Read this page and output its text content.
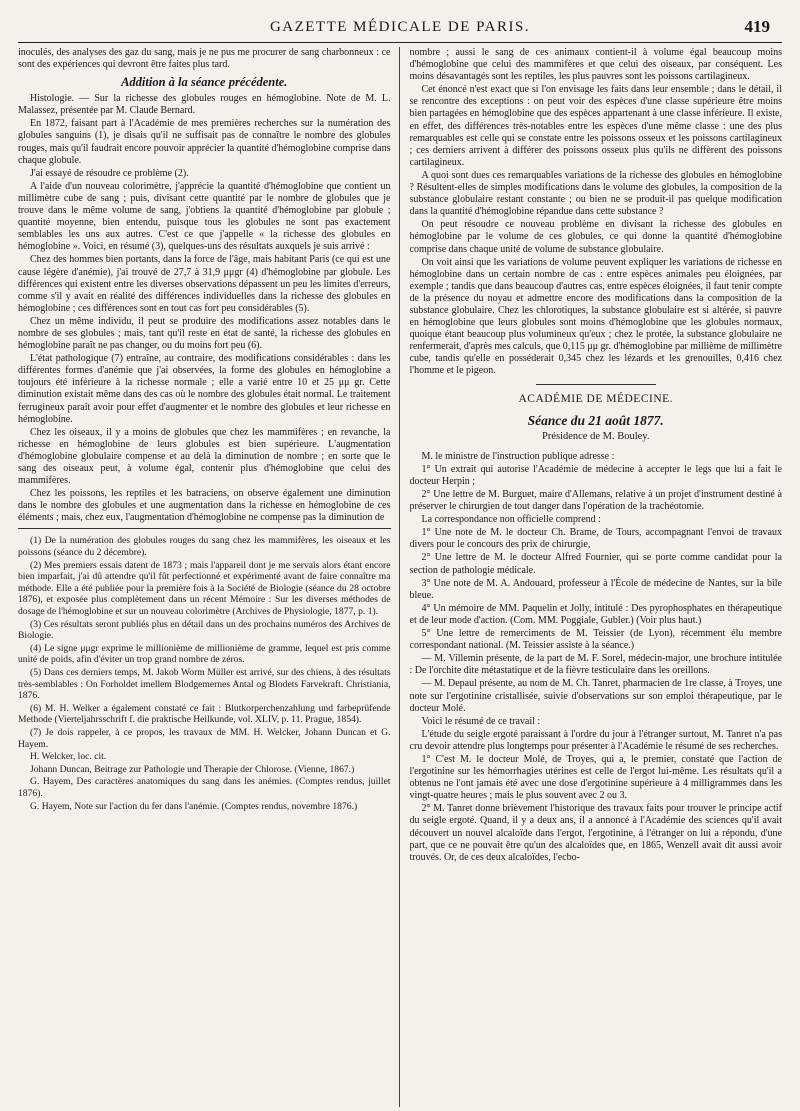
GAZETTE MÉDICALE DE PARIS.	419

inoculés, des analyses des gaz du sang, mais je ne pus me procurer de sang charbonneux : ce sont des expériences qui devront être faites plus tard.

Addition à la séance précédente.

Histologie. — Sur la richesse des globules rouges en hémoglobine. Note de M. L. Malassez, présentée par M. Claude Bernard.

En 1872, faisant part à l'Académie de mes premières recherches sur la numération des globules sanguins (1), je disais qu'il ne suffisait pas de connaître le nombre des globules rouges, mais qu'il faudrait encore pouvoir apprécier la quantité d'hémoglobine comprise dans chaque globule.

J'ai essayé de résoudre ce problème (2).

A l'aide d'un nouveau colorimètre, j'apprécie la quantité d'hémoglobine que contient un millimètre cube de sang ; puis, divisant cette quantité par le nombre de globules que je trouve dans le même volume de sang, j'obtiens la quantité d'hémoglobine par globule ; quantité moyenne, bien entendu, puisque tous les globules ne sont pas exactement semblables les uns aux autres. C'est ce que j'appelle « la richesse des globules en hémoglobine ». Voici, en résumé (3), quelques-uns des résultats auxquels je suis arrivé :

Chez des hommes bien portants, dans la force de l'âge, mais habitant Paris (ce qui est une cause légère d'anémie), j'ai trouvé de 27,7 à 31,9 μμgr (4) d'hémoglobine par globule. Les différences qui existent entre les diverses observations dépassent un peu les limites d'erreurs, comme s'il y avait en réalité des différences individuelles dans la richesse des globules en hémoglobine ; ces différences sont en tout cas fort peu considérables (5).

Chez un même individu, il peut se produire des modifications assez notables dans le nombre de ses globules ; mais, tant qu'il reste en état de santé, la richesse des globules en hémoglobine paraît ne pas changer, ou du moins fort peu (6).

L'état pathologique (7) entraîne, au contraire, des modifications considérables : dans les différentes formes d'anémie que j'ai observées, la forme des globules en hémoglobine a toujours été inférieure à la richesse normale ; elle a varié entre 10 et 25 μμ gr. Cette diminution existait même dans des cas où le nombre des globules était normal. Le traitement ferrugineux paraît avoir pour effet d'augmenter et le nombre des globules et leur richesse en hémoglobine.

Chez les oiseaux, il y a moins de globules que chez les mammifères ; en revanche, la richesse en hémoglobine de leurs globules est bien supérieure. L'augmentation d'hémoglobine globulaire compense et au delà la diminution de nombre ; en sorte que le sang des oiseaux peut, à volume égal, contenir plus d'hémoglobine que celui des mammifères.

Chez les poissons, les reptiles et les batraciens, on observe également une diminution dans le nombre des globules et une augmentation dans la richesse en hémoglobine de ces éléments ; mais, chez eux, l'augmentation d'hémoglobine ne compense pas la diminution de

(1) De la numération des globules rouges du sang chez les mammifères, les oiseaux et les poissons (séance du 2 décembre).

(2) Mes premiers essais datent de 1873 ; mais l'appareil dont je me servais alors étant encore bien imparfait, j'ai dû attendre qu'il fût perfectionné et expérimenté avant de faire connaître ma méthode. Elle a été publiée pour la première fois à la Société de Biologie (séance du 28 octobre 1876), et exposée plus complètement dans un récent Mémoire : Sur les diverses méthodes de dosage de l'hémoglobine et sur un nouveau colorimètre (Archives de Physiologie, 1877, p. 1).

(3) Ces résultats seront publiés plus en détail dans un des prochains numéros des Archives de Biologie.

(4) Le signe μμgr exprime le millionième de millionième de gramme, lequel est pris comme unité de poids, afin d'éviter un trop grand nombre de zéros.

(5) Dans ces derniers temps, M. Jakob Worm Müller est arrivé, sur des chiens, à des résultats très-semblables : On Forholdet imellem Blodgemernes Antal og Blodets Farvekraft. Christiania, 1876.

(6) M. H. Welker a également constaté ce fait : Blutkorperchenzahlung und farbeprüfende Methode (Vierteljahrsschrift f. die praktische Heilkunde, vol. XLIV, p. 11. Prague, 1854).

(7) Je dois rappeler, à ce propos, les travaux de MM. H. Welcker, Johann Duncan et G. Hayem.

H. Welcker, loc. cit.

Johann Duncan, Beitrage zur Pathologie und Therapie der Chlorose. (Vienne, 1867.)

G. Hayem, Des caractères anatomiques du sang dans les anémies. (Comptes rendus, juillet 1876).

G. Hayem, Note sur l'action du fer dans l'anémie. (Comptes rendus, novembre 1876.)

nombre ; aussi le sang de ces animaux contient-il à volume égal beaucoup moins d'hémoglobine que celui des mammifères et que celui des oiseaux, par conséquent. Les moins désavantagés sont les reptiles, les plus pauvres sont les poissons cartilagineux.

Cet énoncé n'est exact que si l'on envisage les faits dans leur ensemble ; dans le détail, il se rencontre des exceptions : on peut voir des espèces d'une classe supérieure être moins bien partagées en hémoglobine que des espèces appartenant à une classe inférieure. Il existe, en effet, des différences très-notables entre les espèces d'une même classe : une des plus remarquables est celle qui se constate entre les poissons osseux et les poissons cartilagineux ; ces derniers arrivent à différer des poissons osseux plus qu'ils ne diffèrent des poissons cartilagineux.

A quoi sont dues ces remarquables variations de la richesse des globules en hémoglobine ? Résultent-elles de simples modifications dans le volume des globules, la composition de la substance globulaire restant constante ; ou bien ne se produit-il pas quelque modification dans la quantité d'hémoglobine répandue dans cette substance ?

On peut résoudre ce nouveau problème en divisant la richesse des globules en hémoglobine par le volume de ces globules, ce qui donne la quantité d'hémoglobine comprise dans chaque unité de volume de substance globulaire.

On voit ainsi que les variations de volume peuvent expliquer les variations de richesse en hémoglobine dans un certain nombre de cas : entre espèces animales peu éloignées, par exemple ; tandis que dans beaucoup d'autres cas, entre espèces éloignées, il faut tenir compte de la présence du noyau et admettre encore des modifications dans la composition de la substance globulaire. Chez les chlorotiques, la substance globulaire est si altérée, si pauvre en hémoglobine que leurs globules sont moins d'hémoglobine que les globules normaux, quoique étant beaucoup plus volumineux qu'eux ; chez le protée, la substance globulaire ne renfermerait, d'après mes calculs, que 0,115 μμ gr. d'hémoglobine par millième de millimètre cube, tandis qu'elle en posséderait 0,345 chez les lézards et les grenouilles, 0,416 chez l'homme et le pigeon.

ACADÉMIE DE MÉDECINE.
Séance du 21 août 1877.
Présidence de M. Bouley.

M. le ministre de l'instruction publique adresse :

1° Un extrait qui autorise l'Académie de médecine à accepter le legs que lui a fait le docteur Herpin ;

2° Une lettre de M. Burguet, maire d'Allemans, relative à un projet d'instrument destiné à préserver le chirurgien de tout danger dans l'opération de la trachéotomie.

La correspondance non officielle comprend :

1° Une note de M. le docteur Ch. Brame, de Tours, accompagnant l'envoi de travaux divers pour le concours des prix de chirurgie,

2° Une lettre de M. le docteur Alfred Fournier, qui se porte comme candidat pour la section de pathologie médicale.

3° Une note de M. A. Andouard, professeur à l'École de médecine de Nantes, sur la bile bleue.

4° Un mémoire de MM. Paquelin et Jolly, intitulé : Des pyrophosphates en thérapeutique et de leur mode d'action. (Com. MM. Poggiale, Gubler.) (Voir plus haut.)

5° Une lettre de remerciments de M. Teissier (de Lyon), récemment élu membre correspondant national. (M. Teissier assiste à la séance.)

— M. Villemin présente, de la part de M. F. Sorel, médecin-major, une brochure intitulée : De l'orchite dite métastatique et de la fièvre testiculaire dans les oreillons.

— M. Depaul présente, au nom de M. Ch. Tanret, pharmacien de 1re classe, à Troyes, une note sur l'ergotinine cristallisée, suivie d'observations sur son emploi thérapeutique, par le docteur Molé.

Voici le résumé de ce travail :

L'étude du seigle ergoté paraissant à l'ordre du jour à l'étranger surtout, M. Tanret n'a pas cru devoir attendre plus longtemps pour présenter à l'Académie le résumé de ses recherches.

1° C'est M. le docteur Molé, de Troyes, qui a, le premier, constaté que l'action de l'ergotinine sur les hémorrhagies utérines est celle de l'ergot lui-même. Les résultats qu'il a obtenus ne l'ont jamais été avec une dose d'ergotinine supérieure à 4 milligrammes dans les vingt-quatre heures ; mais le plus souvent avec 2 ou 3.

2° M. Tanret donne brièvement l'historique des travaux faits pour trouver le principe actif du seigle ergoté. Quand, il y a deux ans, il a annoncé à l'Académie des sciences qu'il avait découvert un nouvel alcaloïde dans l'ergot, l'ergotinine, à l'étranger on lui a répondu, d'une part, que ce ne pouvait être qu'un des alcaloïdes que, en 1865, Wenzell avait dit aussi avoir trouvés. Or, de ces deux alcaloïdes, l'ecbo-
